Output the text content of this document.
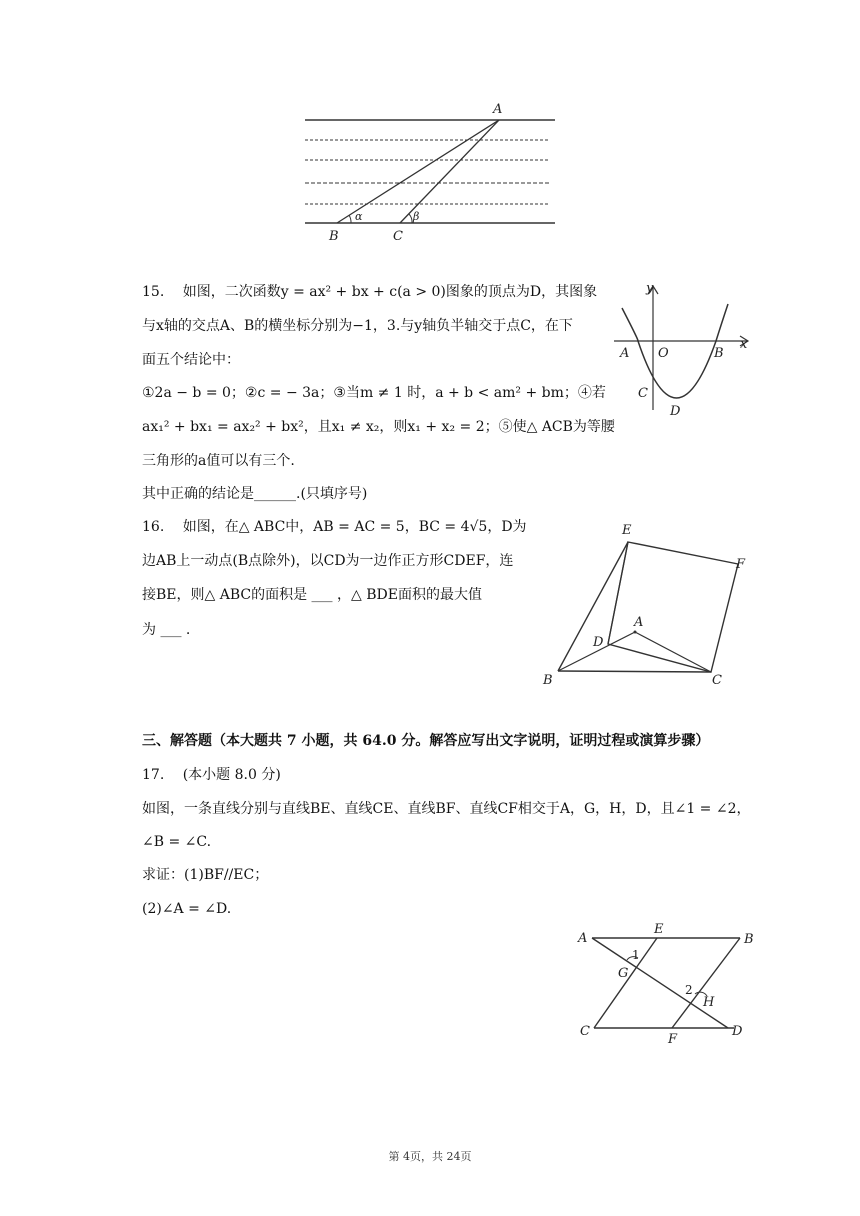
A
B	C
α	β
15.　 如图，二次函数y = ax² + bx + c(a > 0)图象的顶点为D，其图象
与x轴的交点A、B的横坐标分别为−1，3.与y轴负半轴交于点C，在下
面五个结论中：
①2a − b = 0；②c = − 3a；③当m ≠ 1 时，a + b < am² + bm；④若
ax₁² + bx₁ = ax₂² + bx²，且x₁ ≠ x₂，则x₁ + x₂ = 2；⑤使△ ACB为等腰
三角形的a值可以有三个.
其中正确的结论是______.(只填序号)
y
x
A O	B
C
D
16.　 如图，在△ ABC中，AB = AC = 5，BC = 4√5，D为
边AB上一动点(B点除外)，以CD为一边作正方形CDEF，连
接BE，则△ ABC的面积是 ___ ，△ BDE面积的最大值
为 ___ .
E
F
A
D
B	C
三、解答题（本大题共 7 小题，共 64.0 分。解答应写出文字说明，证明过程或演算步骤）
17.　 (本小题 8.0 分)
如图，一条直线分别与直线BE、直线CE、直线BF、直线CF相交于A，G，H，D，且∠1 = ∠2，
∠B = ∠C.
求证：(1)BF//EC；
(2)∠A = ∠D.
A
E
B
1
G
2
H
C
F
D
第 4页，共 24页
